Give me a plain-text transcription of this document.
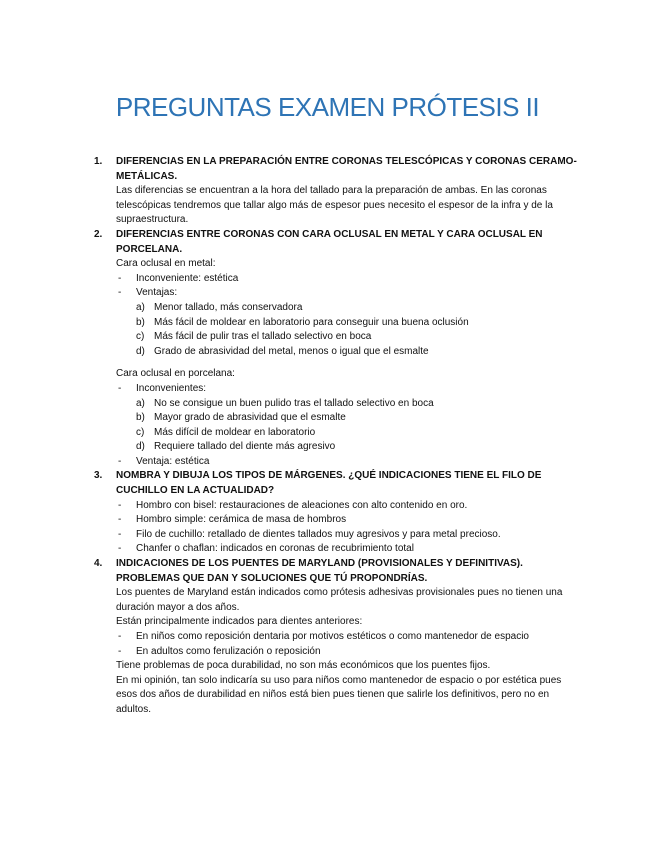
PREGUNTAS EXAMEN PRÓTESIS II
1. DIFERENCIAS EN LA PREPARACIÓN ENTRE CORONAS TELESCÓPICAS Y CORONAS CERAMO-METÁLICAS.

Las diferencias se encuentran a la hora del tallado para la preparación de ambas. En las coronas telescópicas tendremos que tallar algo más de espesor pues necesito el espesor de la infra y de la supraestructura.

2. DIFERENCIAS ENTRE CORONAS CON CARA OCLUSAL EN METAL Y CARA OCLUSAL EN PORCELANA.
Cara oclusal en metal:
- Inconveniente: estética
- Ventajas:
a) Menor tallado, más conservadora
b) Más fácil de moldear en laboratorio para conseguir una buena oclusión
c) Más fácil de pulir tras el tallado selectivo en boca
d) Grado de abrasividad del metal, menos o igual que el esmalte
Cara oclusal en porcelana:
- Inconvenientes:
a) No se consigue un buen pulido tras el tallado selectivo en boca
b) Mayor grado de abrasividad que el esmalte
c) Más difícil de moldear en laboratorio
d) Requiere tallado del diente más agresivo
- Ventaja: estética
3. NOMBRA Y DIBUJA LOS TIPOS DE MÁRGENES. ¿QUÉ INDICACIONES TIENE EL FILO DE CUCHILLO EN LA ACTUALIDAD?
- Hombro con bisel: restauraciones de aleaciones con alto contenido en oro.
- Hombro simple: cerámica de masa de hombros
- Filo de cuchillo: retallado de dientes tallados muy agresivos y para metal precioso.
- Chanfer o chaflan: indicados en coronas de recubrimiento total
4. INDICACIONES DE LOS PUENTES DE MARYLAND (PROVISIONALES Y DEFINITIVAS). PROBLEMAS QUE DAN Y SOLUCIONES QUE TÚ PROPONDRÍAS.

Los puentes de Maryland están indicados como prótesis adhesivas provisionales pues no tienen una duración mayor a dos años.

Están principalmente indicados para dientes anteriores:

- En niños como reposición dentaria por motivos estéticos o como mantenedor de espacio
- En adultos como ferulización o reposición

Tiene problemas de poca durabilidad, no son más económicos que los puentes fijos.

En mi opinión, tan solo indicaría su uso para niños como mantenedor de espacio o por estética pues esos dos años de durabilidad en niños está bien pues tienen que salirle los definitivos, pero no en adultos.
